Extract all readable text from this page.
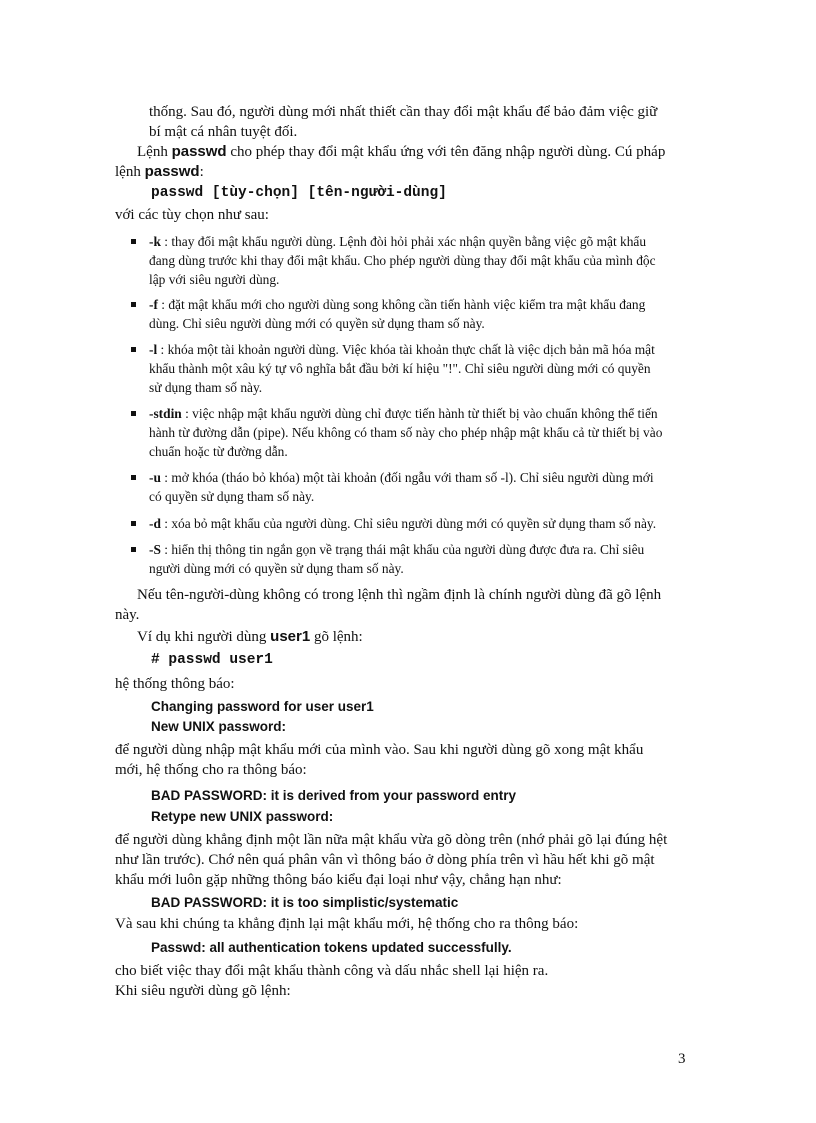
thống. Sau đó, người dùng mới nhất thiết cần thay đổi mật khẩu để bảo đảm việc giữ
bí mật cá nhân tuyệt đối.
Lệnh passwd cho phép thay đổi mật khẩu ứng với tên đăng nhập người dùng. Cú pháp
lệnh passwd:
passwd [tùy-chọn] [tên-người-dùng]
với các tùy chọn như sau:
-k : thay đổi mật khẩu người dùng. Lệnh đòi hỏi phải xác nhận quyền bằng việc gõ mật khẩu
đang dùng trước khi thay đổi mật khẩu. Cho phép người dùng thay đổi mật khẩu của mình độc
lập với siêu người dùng.
-f : đặt mật khẩu mới cho người dùng song không cần tiến hành việc kiểm tra mật khẩu đang
dùng. Chỉ siêu người dùng mới có quyền sử dụng tham số này.
-l : khóa một tài khoản người dùng. Việc khóa tài khoản thực chất là việc dịch bản mã hóa mật
khẩu thành một xâu ký tự vô nghĩa bắt đầu bởi kí hiệu "!". Chỉ siêu người dùng mới có quyền
sử dụng tham số này.
-stdin : việc nhập mật khẩu người dùng chỉ được tiến hành từ thiết bị vào chuẩn không thể tiến
hành từ đường dẫn (pipe). Nếu không có tham số này cho phép nhập mật khẩu cả từ thiết bị vào
chuẩn hoặc từ đường dẫn.
-u : mở khóa (tháo bỏ khóa) một tài khoản (đối ngẫu với tham số -l). Chỉ siêu người dùng mới
có quyền sử dụng tham số này.
-d : xóa bỏ mật khẩu của người dùng. Chỉ siêu người dùng mới có quyền sử dụng tham số này.
-S : hiển thị thông tin ngắn gọn về trạng thái mật khẩu của người dùng được đưa ra. Chỉ siêu
người dùng mới có quyền sử dụng tham số này.
Nếu tên-người-dùng không có trong lệnh thì ngầm định là chính người dùng đã gõ lệnh
này.
Ví dụ khi người dùng user1 gõ lệnh:
# passwd user1
hệ thống thông báo:
Changing password for user user1
New UNIX password:
để người dùng nhập mật khẩu mới của mình vào. Sau khi người dùng gõ xong mật khẩu
mới, hệ thống cho ra thông báo:
BAD PASSWORD: it is derived from your password entry
Retype new UNIX password:
để người dùng khẳng định một lần nữa mật khẩu vừa gõ dòng trên (nhớ phải gõ lại đúng hệt
như lần trước). Chớ nên quá phân vân vì thông báo ở dòng phía trên vì hầu hết khi gõ mật
khẩu mới luôn gặp những thông báo kiểu đại loại như vậy, chẳng hạn như:
BAD PASSWORD: it is too simplistic/systematic
Và sau khi chúng ta khẳng định lại mật khẩu mới, hệ thống cho ra thông báo:
Passwd: all authentication tokens updated successfully.
cho biết việc thay đổi mật khẩu thành công và dấu nhắc shell lại hiện ra.
Khi siêu người dùng gõ lệnh:
3
